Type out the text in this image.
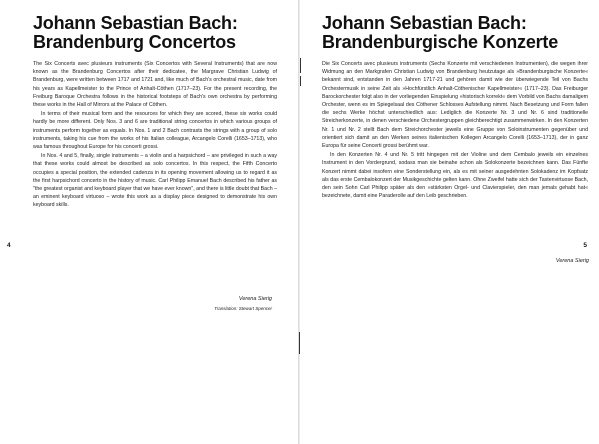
Johann Sebastian Bach:
Brandenburg Concertos

The Six Concerts avec plusieurs instruments (Six Concertos with Several Instruments) that are now known as the Brandenburg Concertos after their dedicatee, the Margrave Christian Ludwig of Brandenburg, were written between 1717 and 1721 and, like much of Bach's orchestral music, date from his years as Kapellmeister to the Prince of Anhalt-Cöthen (1717–23). For the present recording, the Freiburg Baroque Orchestra follows in the historical footsteps of Bach's own orchestra by performing these works in the Hall of Mirrors at the Palace of Cöthen.

In terms of their musical form and the resources for which they are scored, these six works could hardly be more different. Only Nos. 3 and 6 are traditional string concertos in which various groups of instruments perform together as equals. In Nos. 1 and 2 Bach contrasts the strings with a group of solo instruments, taking his cue from the works of his Italian colleague, Arcangelo Corelli (1653–1713), who was famous throughout Europe for his concerti grossi.

In Nos. 4 and 5, finally, single instruments – a violin and a harpsichord – are privileged in such a way that these works could almost be described as solo concertos. In this respect, the Fifth Concerto occupies a special position, the extended cadenza in its opening movement allowing us to regard it as the first harpsichord concerto in the history of music. Carl Philipp Emanuel Bach described his father as "the greatest organist and keyboard player that we have ever known", and there is little doubt that Bach – an eminent keyboard virtuoso – wrote this work as a display piece designed to demonstrate his own keyboard skills.

Verena Sierig
Translation: Stewart Spencer
4
Johann Sebastian Bach:
Brandenburgische Konzerte

Die Six Concerts avec plusieurs instruments (Sechs Konzerte mit verschiedenen Instrumenten), die wegen ihrer Widmung an den Markgrafen Christian Ludwig von Brandenburg heutzutage als »Brandenburgische Konzerte« bekannt sind, entstanden in den Jahren 1717-21 und gehören damit wie der überwiegende Teil von Bachs Orchestermusik in seine Zeit als »Hochfürstlich Anhalt-Cöthenischer Kapellmeister« (1717–23). Das Freiburger Barockorchester folgt also in der vorliegenden Einspielung »historisch korrekt« dem Vorbild von Bachs damaligem Orchester, wenn es im Spiegelsaal des Cöthener Schlosses Aufstellung nimmt. Nach Besetzung und Form fallen die sechs Werke höchst unterschiedlich aus: Lediglich die Konzerte Nr. 3 und Nr. 6 sind traditionelle Streicherkonzerte, in denen verschiedene Orchestergruppen gleichberechtigt zusammenwirken. In den Konzerten Nr. 1 und Nr. 2 stellt Bach dem Streichorchester jeweils eine Gruppe von Soloinstrumenten gegenüber und orientiert sich damit an den Werken seines italienischen Kollegen Arcangelo Corelli (1653–1713), der in ganz Europa für seine Concerti grossi berühmt war.

In den Konzerten Nr. 4 und Nr. 5 tritt hingegen mit der Violine und dem Cembalo jeweils ein einzelnes Instrument in den Vordergrund, sodass man sie beinahe schon als Solokonzerte bezeichnen kann. Das Fünfte Konzert nimmt dabei insofern eine Sonderstellung ein, als es mit seiner ausgedehnten Solokadenz im Kopfsatz als das erste Cembalokonzert der Musikgeschichte gelten kann. Ohne Zweifel hatte sich der Tastenvirtuose Bach, den sein Sohn Carl Philipp später als den »stärksten Orgel- und Clavierspieler, den man jemals gehabt hat« bezeichnete, damit eine Paraderolle auf den Leib geschrieben.

Verena Sierig
5
